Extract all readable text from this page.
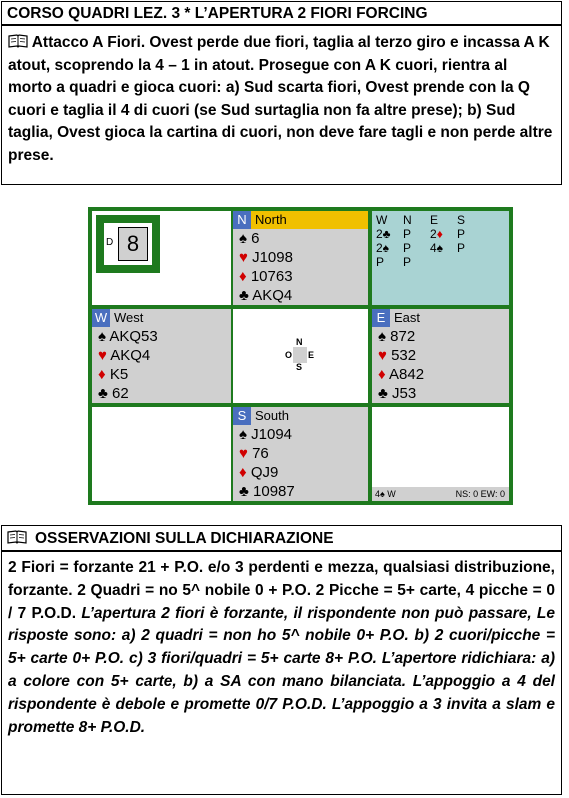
CORSO QUADRI LEZ. 3 * L’APERTURA 2 FIORI FORCING
Attacco A Fiori. Ovest perde due fiori, taglia al terzo giro e incassa A K atout, scoprendo la 4 – 1 in atout. Prosegue con A K cuori, rientra al morto a quadri e gioca cuori: a) Sud scarta fiori, Ovest prende con la Q cuori e taglia il 4 di cuori (se Sud surtaglia non fa altre prese); b) Sud taglia, Ovest gioca la cartina di cuori, non deve fare tagli e non perde altre prese.
D 8
N North
♠ 6
♥ J1098
♦ 10763
♣ AKQ4
W	N	E	S
2♣	P	2♦	P
2♠	P	4♠	P
P	P		
W West
♠ AKQ53
♥ AKQ4
♦ K5
♣ 62
N
O E
S
E East
♠ 872
♥ 532
♦ A842
♣ J53
S South
♠ J1094
♥ 76
♦ QJ9
♣ 10987	4♠ W	NS: 0 EW: 0
OSSERVAZIONI SULLA DICHIARAZIONE
2 Fiori = forzante 21 + P.O. e/o 3 perdenti e mezza, qualsiasi distribuzione, forzante. 2 Quadri = no 5^ nobile 0 + P.O. 2 Picche = 5+ carte, 4 picche = 0 / 7 P.O.D. L’apertura 2 fiori è forzante, il rispondente non può passare, Le risposte sono: a) 2 quadri = non ho 5^ nobile 0+ P.O. b) 2 cuori/picche = 5+ carte 0+ P.O. c) 3 fiori/quadri = 5+ carte 8+ P.O. L’apertore ridichiara: a) a colore con 5+ carte, b) a SA con mano bilanciata. L’appoggio a 4 del rispondente è debole e promette 0/7 P.O.D. L’appoggio a 3 invita a slam e promette 8+ P.O.D.
